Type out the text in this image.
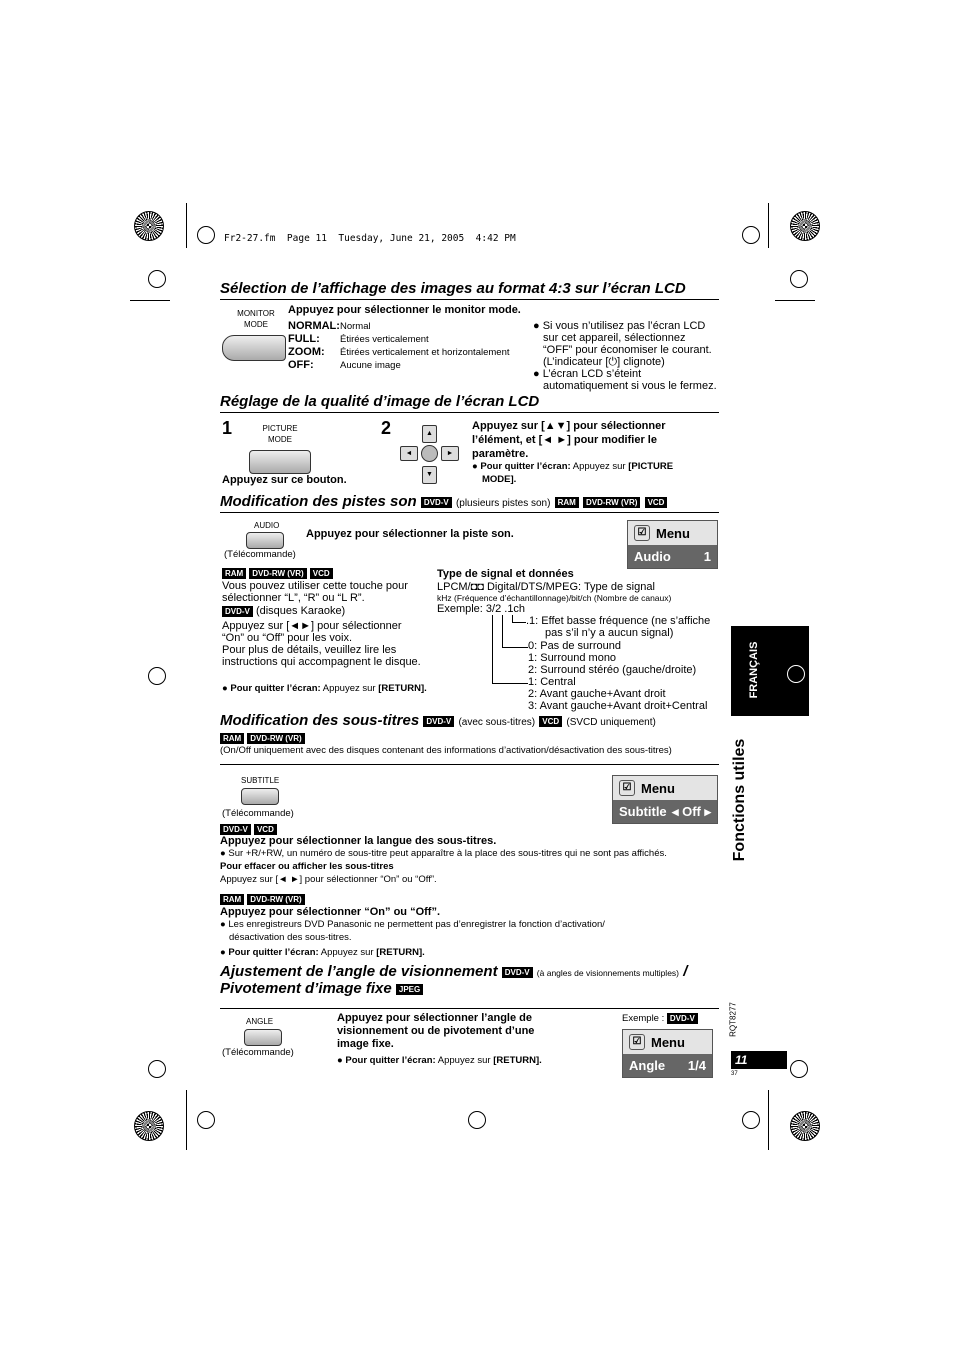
Fr2-27.fm  Page 11  Tuesday, June 21, 2005  4:42 PM
Sélection de l’affichage des images au format 4:3 sur l’écran LCD
MONITOR MODE
Appuyez pour sélectionner le monitor mode.
NORMAL:Normal
FULL: Étirées verticalement
ZOOM: Étirées verticalement et horizontalement
OFF:	Aucune image
● Si vous n’utilisez pas l’écran LCD
sur cet appareil, sélectionnez
“OFF” pour économiser le courant.
(L’indicateur [⏻] clignote)
● L’écran LCD s’éteint
automatiquement si vous le fermez.
Réglage de la qualité d’image de l’écran LCD
1	PICTURE MODE
Appuyez sur ce bouton.
2	▲
▼
◄	►
Appuyez sur [▲▼] pour sélectionner
l’élément, et [◄ ►] pour modifier le
paramètre.
● Pour quitter l’écran: Appuyez sur [PICTURE
MODE].
Modification des pistes son DVD-V (plusieurs pistes son) RAM DVD-RW (VR) VCD
AUDIO
(Télécommande)
Appuyez pour sélectionner la piste son.	☑ Menu
Audio	1
RAM DVD-RW (VR) VCD
Vous pouvez utiliser cette touche pour
sélectionner “L”, “R” ou “L R”.
DVD-V (disques Karaoke)
Appuyez sur [◄►] pour sélectionner
“On” ou “Off” pour les voix.
Pour plus de détails, veuillez lire les
instructions qui accompagnent le disque.
● Pour quitter l’écran: Appuyez sur [RETURN].
Type de signal et données
LPCM/◘◘ Digital/DTS/MPEG: Type de signal
kHz (Fréquence d’échantillonnage)/bit/ch (Nombre de canaux)
Exemple: 3/2 .1ch
.1: Effet basse fréquence (ne s’affiche
pas s’il n’y a aucun signal)
0: Pas de surround
1: Surround mono
2: Surround stéréo (gauche/droite)
1: Central
2: Avant gauche+Avant droit
3: Avant gauche+Avant droit+Central
Modification des sous-titres DVD-V (avec sous-titres) VCD (SVCD uniquement)
RAM DVD-RW (VR)
(On/Off uniquement avec des disques contenant des informations d’activation/désactivation des sous-titres)
SUBTITLE
(Télécommande)
☑ Menu
Subtitle ◂ Off ▸
DVD-V VCD
Appuyez pour sélectionner la langue des sous-titres.
● Sur +R/+RW, un numéro de sous-titre peut apparaître à la place des sous-titres qui ne sont pas affichés.
Pour effacer ou afficher les sous-titres
Appuyez sur [◄ ►] pour sélectionner “On” ou “Off”.
RAM DVD-RW (VR)
Appuyez pour sélectionner “On” ou “Off”.
● Les enregistreurs DVD Panasonic ne permettent pas d’enregistrer la fonction d’activation/
désactivation des sous-titres.
● Pour quitter l’écran: Appuyez sur [RETURN].
Ajustement de l’angle de visionnement DVD-V (à angles de visionnements multiples) /
Pivotement d’image fixe JPEG
ANGLE
(Télécommande)
Appuyez pour sélectionner l’angle de
visionnement ou de pivotement d’une
image fixe.
● Pour quitter l’écran: Appuyez sur [RETURN].
Exemple : DVD-V
☑ Menu
Angle 1/4
FRANÇAIS
Fonctions utiles
RQT8277
11
37
